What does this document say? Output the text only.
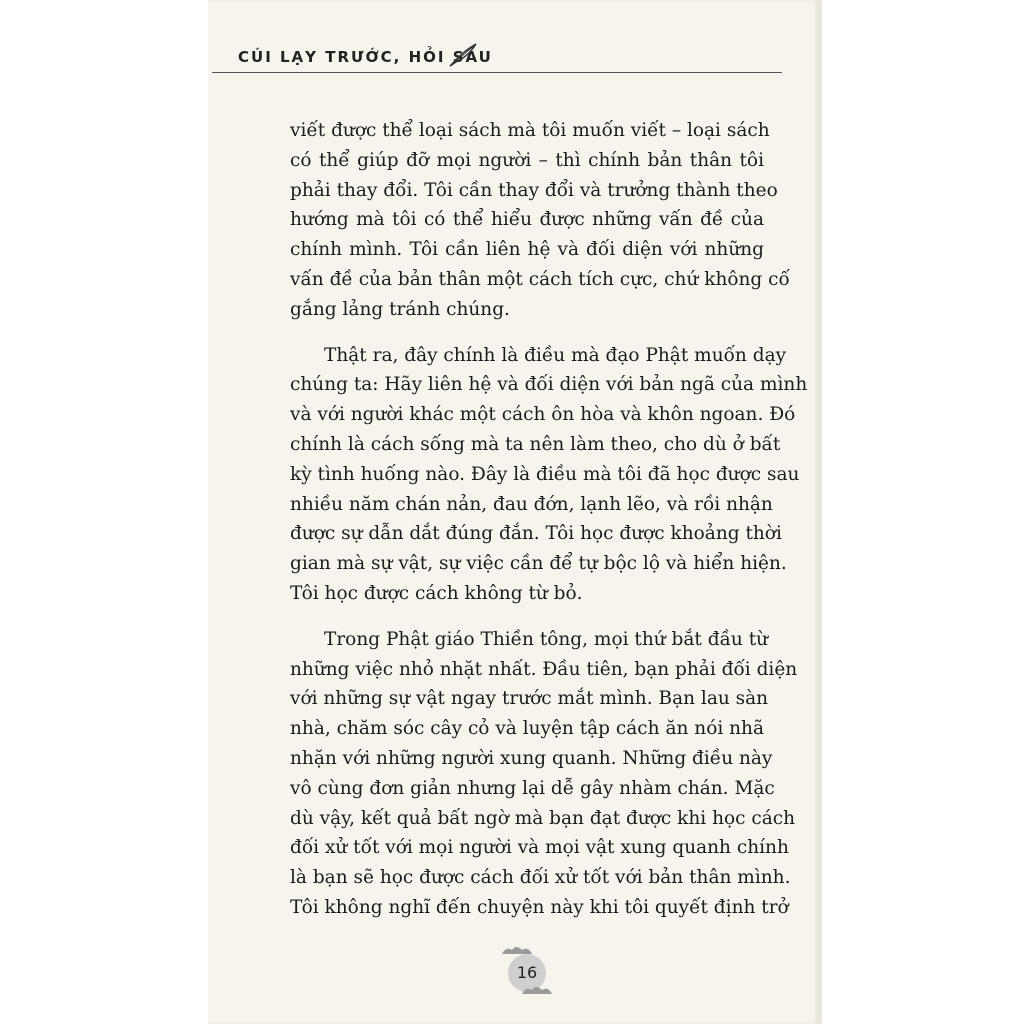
CÚI LẠY TRƯỚC, HỎI SAU
viết được thể loại sách mà tôi muốn viết – loại sách
có thể giúp đỡ mọi người – thì chính bản thân tôi
phải thay đổi. Tôi cần thay đổi và trưởng thành theo
hướng mà tôi có thể hiểu được những vấn đề của
chính mình. Tôi cần liên hệ và đối diện với những
vấn đề của bản thân một cách tích cực, chứ không cố
gắng lảng tránh chúng.
Thật ra, đây chính là điều mà đạo Phật muốn dạy
chúng ta: Hãy liên hệ và đối diện với bản ngã của mình
và với người khác một cách ôn hòa và khôn ngoan. Đó
chính là cách sống mà ta nên làm theo, cho dù ở bất
kỳ tình huống nào. Đây là điều mà tôi đã học được sau
nhiều năm chán nản, đau đớn, lạnh lẽo, và rồi nhận
được sự dẫn dắt đúng đắn. Tôi học được khoảng thời
gian mà sự vật, sự việc cần để tự bộc lộ và hiển hiện.
Tôi học được cách không từ bỏ.
Trong Phật giáo Thiền tông, mọi thứ bắt đầu từ
những việc nhỏ nhặt nhất. Đầu tiên, bạn phải đối diện
với những sự vật ngay trước mắt mình. Bạn lau sàn
nhà, chăm sóc cây cỏ và luyện tập cách ăn nói nhã
nhặn với những người xung quanh. Những điều này
vô cùng đơn giản nhưng lại dễ gây nhàm chán. Mặc
dù vậy, kết quả bất ngờ mà bạn đạt được khi học cách
đối xử tốt với mọi người và mọi vật xung quanh chính
là bạn sẽ học được cách đối xử tốt với bản thân mình.
Tôi không nghĩ đến chuyện này khi tôi quyết định trở
16
